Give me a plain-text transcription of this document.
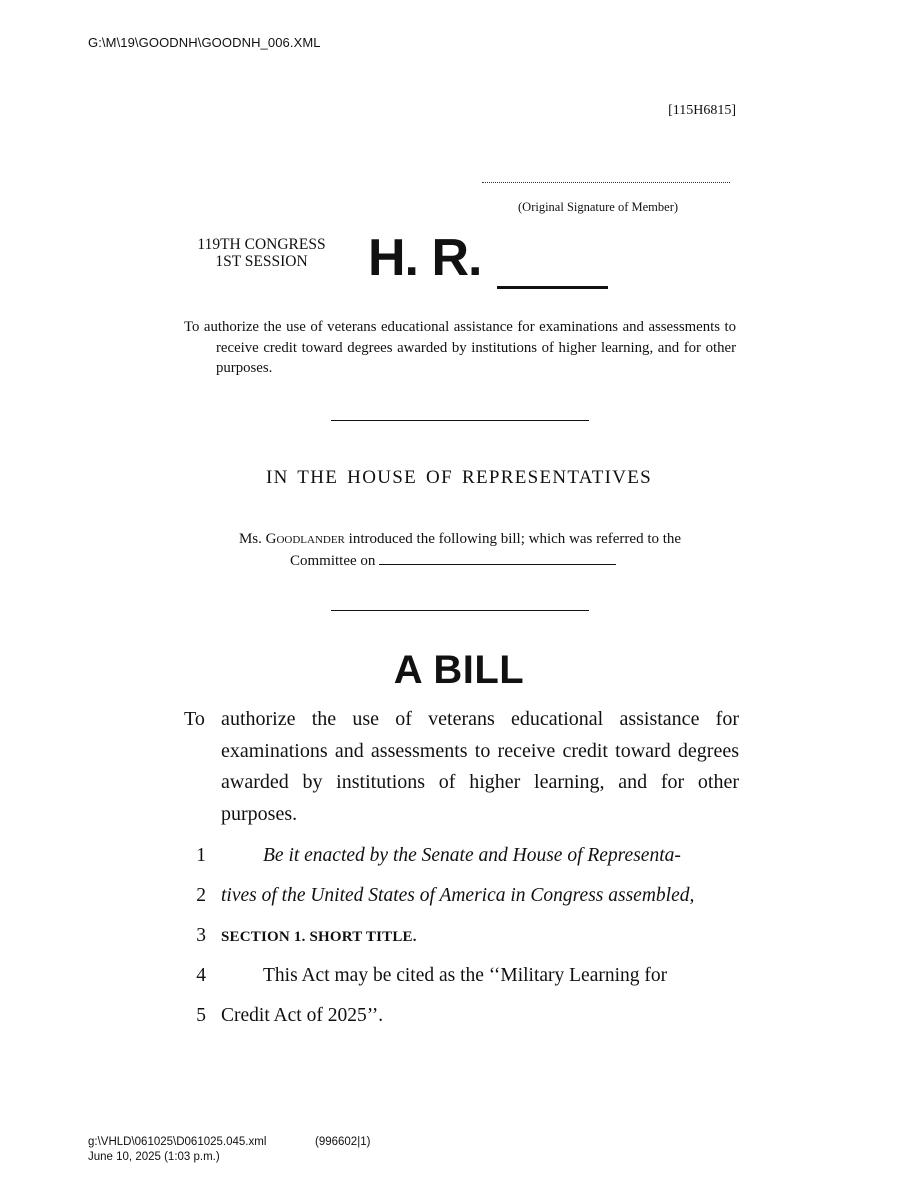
G:\M\19\GOODNH\GOODNH_006.XML
[115H6815]
(Original Signature of Member)
119TH CONGRESS
1ST SESSION	H. R.
To authorize the use of veterans educational assistance for examinations and assessments to receive credit toward degrees awarded by institutions of higher learning, and for other purposes.
IN THE HOUSE OF REPRESENTATIVES
Ms. Goodlander introduced the following bill; which was referred to the
Committee on
A BILL

To authorize the use of veterans educational assistance for examinations and assessments to receive credit toward degrees awarded by institutions of higher learning, and for other purposes.

1	Be it enacted by the Senate and House of Representa-
2 tives of the United States of America in Congress assembled,
3 SECTION 1. SHORT TITLE.
4	This Act may be cited as the ‘‘Military Learning for
5 Credit Act of 2025’’.
g:\VHLD\061025\D061025.045.xml
June 10, 2025 (1:03 p.m.)
(996602|1)
